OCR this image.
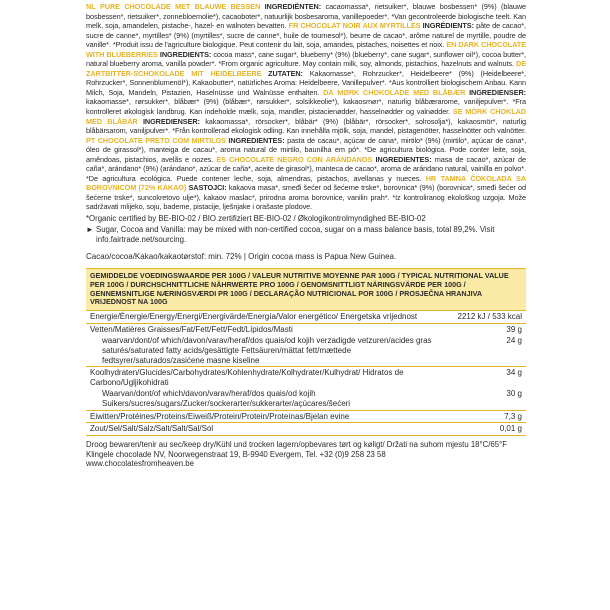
NL PURE CHOCOLADE MET BLAUWE BESSEN INGREDIËNTEN: cacaomassa*, rietsuiker*, blauwe bosbessen* (9%) (blauwe bosbessen*, rietsuiker*, zonnebloemolie*), cacaoboter*, natuurlijk bosbesaroma, vanillepoeder*. *Van gecontroleerde biologische teelt. Kan melk, soja, amandelen, pistache-, hazel- en walnoten bevatten. FR CHOCOLAT NOIR AUX MYRTILLES INGRÉDIENTS: pâte de cacao*, sucre de canne*, myrtilles* (9%) (myrtilles*, sucre de canne*, huile de tournesol*), beurre de cacao*, arôme naturel de myrtille, poudre de vanille*. *Produit issu de l'agriculture biologique. Peut contenir du lait, soja, amandes, pistaches, noisettes et noix. EN DARK CHOCOLATE WITH BLUEBERRIES INGREDIENTS: cocoa mass*, cane sugar*, blueberry* (9%) (blueberry*, cane sugar*, sunflower oil*), cocoa butter*, natural blueberry aroma, vanilla powder*. *From organic agriculture. May contain milk, soy, almonds, pistachios, hazelnuts and walnuts. DE ZARTBITTER-SCHOKOLADE MIT HEIDELBEERE ZUTATEN: Kakaomasse*, Rohrzucker*, Heidelbeere* (9%) (Heidelbeere*, Rohrzucker*, Sonnenblumenöl*), Kakaobutter*, natürliches Aroma: Heidelbeere, Vanillepulver*. *Aus kontrolliert biologischem Anbau. Kann Milch, Soja, Mandeln, Pistazien, Haselnüsse und Walnüsse enthalten. DA MØRK CHOKOLADE MED BLÅBÆR INGREDIENSER: kakaomasse*, rørsukker*, blåbær* (9%) (blåbær*, rørsukker*, solsikkeolie*), kakaosmør*, naturlig blåbærarome, vaniljepulver*. *Fra kontrolleret økologisk landbrug. Kan indeholde mælk, soja, mandler, pistacienødder, hasselnødder og valnødder. SE MÖRK CHOKLAD MED BLÅBÄR INGREDIENSER: kakaomassa*, rörsocker*, blåbär* (9%) (blåbär*, rörsocker*, solrosolja*), kakaosmör*, naturlig blåbärsarom, vaniljpulver*. *Från kontrollerad ekologisk odling. Kan innehålla mjölk, soja, mandel, pistagenötter, hasselnötter och valnötter. PT CHOCOLATE PRETO COM MIRTILOS INGREDIENTES: pasta de cacau*, açúcar de cana*, mirtilo* (9%) (mirtilo*, açúcar de cana*, óleo de girassol*), manteiga de cacau*, aroma natural de mirtilo, baunilha em pó*. *De agricultura biológica. Pode conter leite, soja, amêndoas, pistachios, avelãs e nozes. ES CHOCOLATE NEGRO CON ARÁNDANOS INGREDIENTES: masa de cacao*, azúcar de caña*, arándano* (9%) (arándano*, azúcar de caña*, aceite de girasol*), manteca de cacao*, aroma de arándano natural, vainilla en polvo*. *De agricultura ecológica. Puede contener leche, soja, almendras, pistachos, avellanas y nueces. HR TAMNA ČOKOLADA SA BOROVNICOM (72% KAKAO) SASTOJCI: kakaova masa*, smeđi šećer od šećerne trske*, borovnica* (9%) (borovnica*, smeđi šećer od šećerne trske*, suncokretovo ulje*), kakaov maslac*, prirodna aroma borovnice, vanilin prah*. *Iz kontroliranog ekološkog uzgoja. Može sadržavati mlijeko, soju, bademe, pistacije, lješnjake i orašaste plodove.

*Organic certified by BE-BIO-02 / BIO zertifiziert BE-BIO-02 / Økologikontrolmyndighed BE-BIO-02

► Sugar, Cocoa and Vanilla: may be mixed with non-certified cocoa, sugar on a mass balance basis, total 89,2%. Visit info.fairtrade.net/sourcing.

Cacao/cocoa/Kakao/kakaotørstof: min. 72% | Origin cocoa mass is Papua New Guinea.

GEMIDDELDE VOEDINGSWAARDE PER 100G / VALEUR NUTRITIVE MOYENNE PAR 100G / TYPICAL NUTRITIONAL VALUE PER 100G / DURCHSCHNITTLICHE NÄHRWERTE PRO 100G / GENOMSNITTLIGT NÄRINGSVÄRDE PER 100G / GENNEMSNITLIGE NÆRINGSVÆRDI PR 100G / DECLARAÇÃO NUTRICIONAL POR 100G / PROSJEČNA HRANJIVA VRIJEDNOST NA 100G	
Energie/Énergie/Energy/Energi/Energivärde/Energía/Valor energético/ Energetska vrijednost	2212 kJ / 533 kcal
Vetten/Matières Graisses/Fat/Fett/Fett/Fedt/Lípidos/Masti	39 g
waarvan/dont/of which/davon/varav/heraf/dos quais/od kojih verzadigde vetzuren/acides gras saturés/saturated fatty acids/gesättigte Fettsäuren/mättat fett/mættede fedtsyrer/saturados/zasićene masne kiseline	24 g
Koolhydraten/Glucides/Carbohydrates/Kohlenhydrate/Kolhydrater/Kulhydrat/ Hidratos de Carbono/Ugljikohidrati	34 g
Waarvan/dont/of which/davon/varav/heraf/dos quais/od kojih Suikers/sucres/sugars/Zucker/sockerarter/sukkerarter/açúcares/šećeri	30 g
Eiwitten/Protéines/Proteins/Eiweiß/Protein/Protein/Proteínas/Bjelan evine	7,3 g
Zout/Sel/Salt/Salz/Salt/Salt/Sal/Sol	0,01 g
Droog bewaren/tenir au sec/keep dry/Kühl und trocken lagern/opbevares tørt og køligt/ Držati na suhom mjestu 18°C/65°F
Klingele chocolade NV, Noorwegenstraat 19, B-9940 Evergem, Tel. +32 (0)9 258 23 58
www.chocolatesfromheaven.be
